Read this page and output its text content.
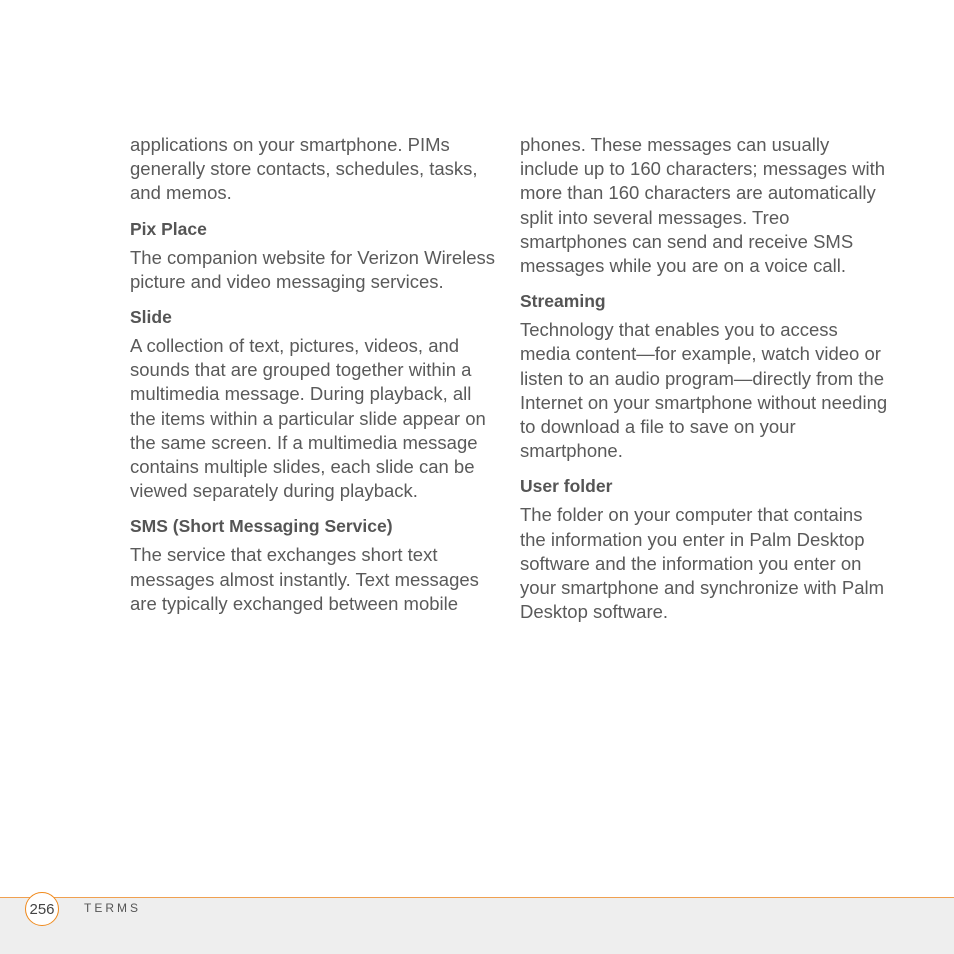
applications on your smartphone. PIMs generally store contacts, schedules, tasks, and memos.

Pix Place

The companion website for Verizon Wireless picture and video messaging services.

Slide

A collection of text, pictures, videos, and sounds that are grouped together within a multimedia message. During playback, all the items within a particular slide appear on the same screen. If a multimedia message contains multiple slides, each slide can be viewed separately during playback.

SMS (Short Messaging Service)

The service that exchanges short text messages almost instantly. Text messages are typically exchanged between mobile

phones. These messages can usually include up to 160 characters; messages with more than 160 characters are automatically split into several messages. Treo smartphones can send and receive SMS messages while you are on a voice call.

Streaming

Technology that enables you to access media content—for example, watch video or listen to an audio program—directly from the Internet on your smartphone without needing to download a file to save on your smartphone.

User folder

The folder on your computer that contains the information you enter in Palm Desktop software and the information you enter on your smartphone and synchronize with Palm Desktop software.

256	TERMS
